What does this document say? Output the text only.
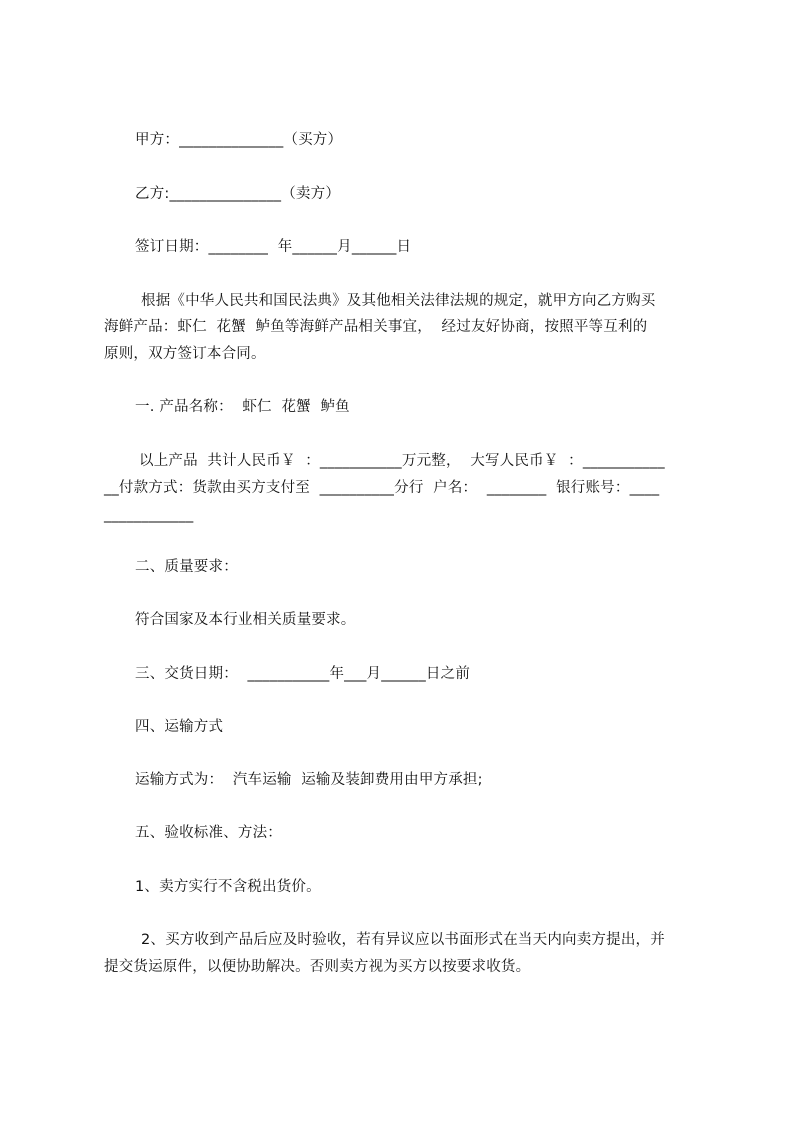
甲方：______________（买方）
乙方:_______________（卖方）
签订日期：________  年______月______日
根据《中华人民共和国民法典》及其他相关法律法规的规定，就甲方向乙方购买
海鲜产品：虾仁  花蟹  鲈鱼等海鲜产品相关事宜，  经过友好协商，按照平等互利的
原则，双方签订本合同。
一. 产品名称：  虾仁  花蟹  鲈鱼
以上产品  共计人民币￥  ：___________万元整，  大写人民币￥  ：___________
__付款方式：货款由买方支付至  __________分行  户名：  ________  银行账号：____
____________
二、质量要求：
符合国家及本行业相关质量要求。
三、交货日期：  ___________年___月______日之前
四、运输方式
运输方式为：  汽车运输  运输及装卸费用由甲方承担;
五、验收标准、方法：
1、卖方实行不含税出货价。
2、买方收到产品后应及时验收，若有异议应以书面形式在当天内向卖方提出，并
提交货运原件，以便协助解决。否则卖方视为买方以按要求收货。
